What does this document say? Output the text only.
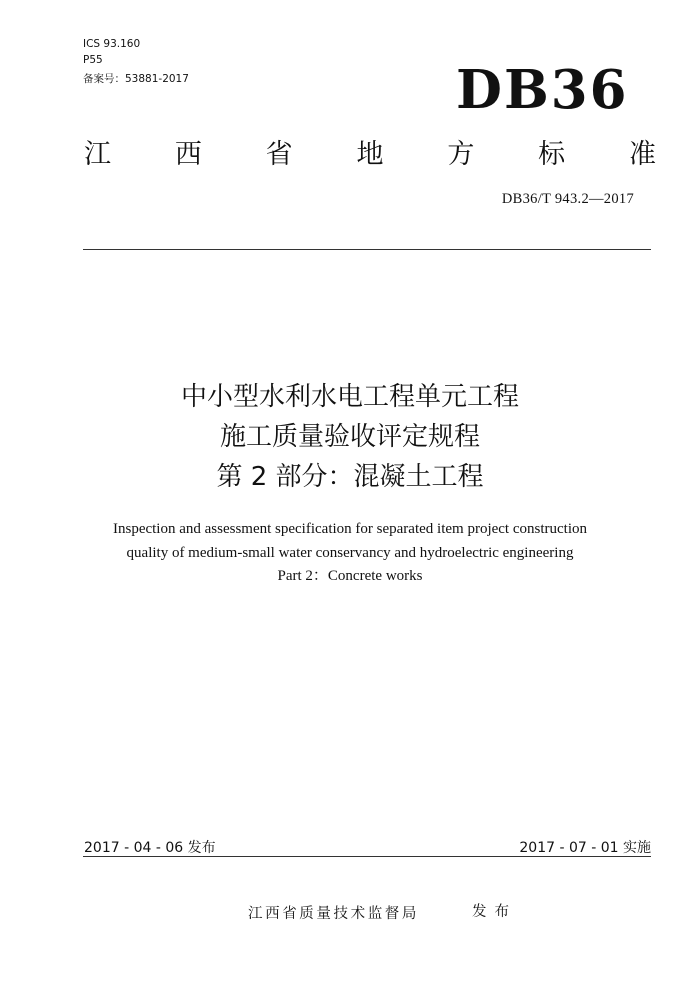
ICS 93.160
P55
备案号：53881-2017	DB36
江 西 省 地 方 标 准
DB36/T 943.2—2017
中小型水利水电工程单元工程
施工质量验收评定规程
第 2 部分：混凝土工程
Inspection and assessment specification for separated item project construction
quality of medium-small water conservancy and hydroelectric engineering
Part 2：Concrete works
2017 - 04 - 06 发布	2017 - 07 - 01 实施
江西省质量技术监督局	发布
